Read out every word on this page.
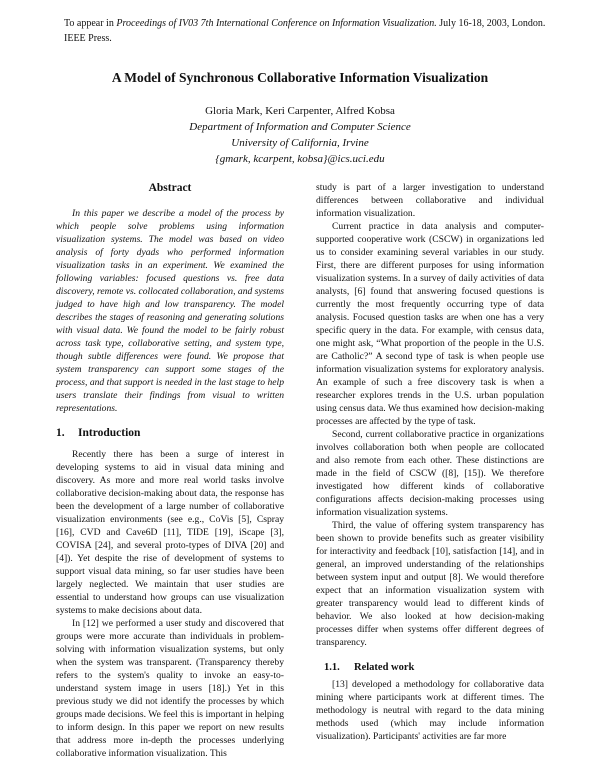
To appear in Proceedings of IV03 7th International Conference on Information Visualization. July 16-18, 2003, London. IEEE Press.
A Model of Synchronous Collaborative Information Visualization
Gloria Mark, Keri Carpenter, Alfred Kobsa
Department of Information and Computer Science
University of California, Irvine
{gmark, kcarpent, kobsa}@ics.uci.edu
Abstract

In this paper we describe a model of the process by which people solve problems using information visualization systems. The model was based on video analysis of forty dyads who performed information visualization tasks in an experiment. We examined the following variables: focused questions vs. free data discovery, remote vs. collocated collaboration, and systems judged to have high and low transparency. The model describes the stages of reasoning and generating solutions with visual data. We found the model to be fairly robust across task type, collaborative setting, and system type, though subtle differences were found. We propose that system transparency can support some stages of the process, and that support is needed in the last stage to help users translate their findings from visual to written representations.

1. Introduction

Recently there has been a surge of interest in developing systems to aid in visual data mining and discovery. As more and more real world tasks involve collaborative decision-making about data, the response has been the development of a large number of collaborative visualization environments (see e.g., CoVis [5], Cspray [16], CVD and Cave6D [11], TIDE [19], iScape [3], COVISA [24], and several proto-types of DIVA [20] and [4]). Yet despite the rise of development of systems to support visual data mining, so far user studies have been largely neglected. We maintain that user studies are essential to understand how groups can use visualization systems to make decisions about data.

In [12] we performed a user study and discovered that groups were more accurate than individuals in problem-solving with information visualization systems, but only when the system was transparent. (Transparency thereby refers to the system's quality to invoke an easy-to-understand system image in users [18].) Yet in this previous study we did not identify the processes by which groups made decisions. We feel this is important in helping to inform design. In this paper we report on new results that address more in-depth the processes underlying collaborative information visualization. This

study is part of a larger investigation to understand differences between collaborative and individual information visualization.

Current practice in data analysis and computer-supported cooperative work (CSCW) in organizations led us to consider examining several variables in our study. First, there are different purposes for using information visualization systems. In a survey of daily activities of data analysts, [6] found that answering focused questions is currently the most frequently occurring type of data analysis. Focused question tasks are when one has a very specific query in the data. For example, with census data, one might ask, “What proportion of the people in the U.S. are Catholic?” A second type of task is when people use information visualization systems for exploratory analysis. An example of such a free discovery task is when a researcher explores trends in the U.S. urban population using census data. We thus examined how decision-making processes are affected by the type of task.

Second, current collaborative practice in organizations involves collaboration both when people are collocated and also remote from each other. These distinctions are made in the field of CSCW ([8], [15]). We therefore investigated how different kinds of collaborative configurations affects decision-making processes using information visualization systems.

Third, the value of offering system transparency has been shown to provide benefits such as greater visibility for interactivity and feedback [10], satisfaction [14], and in general, an improved understanding of the relationships between system input and output [8]. We would therefore expect that an information visualization system with greater transparency would lead to different kinds of behavior. We also looked at how decision-making processes differ when systems offer different degrees of transparency.

1.1. Related work

[13] developed a methodology for collaborative data mining where participants work at different times. The methodology is neutral with regard to the data mining methods used (which may include information visualization). Participants' activities are far more
